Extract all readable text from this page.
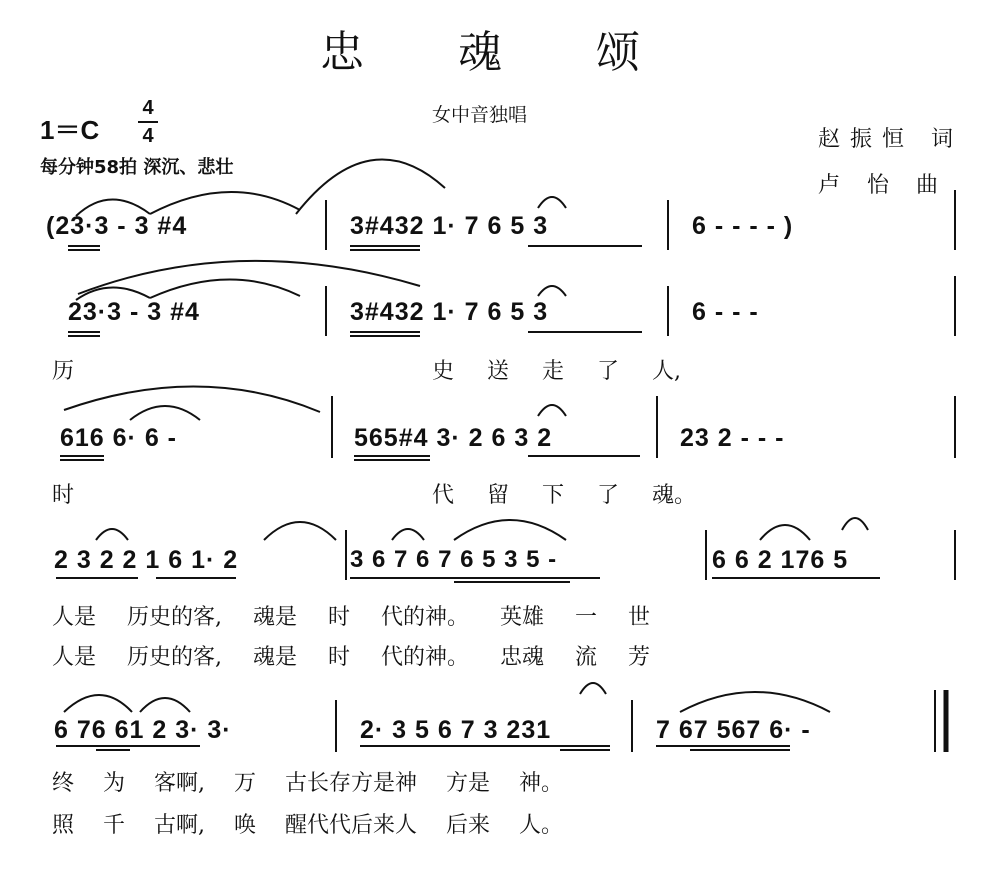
忠 魂 颂
1＝C
4
4
女中音独唱
赵振恒 词
卢 怡 曲
每分钟58拍 深沉、悲壮
(23·3 - 3 #4	3#432 1· 7 6 5 3	6 - - - - )
23·3 - 3 #4	3#432 1· 7 6 5 3	6 - - -
历	史 送 走 了 人,
616 6· 6 -	565#4 3· 2 6 3 2	23 2 - - -
时	代 留 下 了 魂。
2 3 2 2 1 6 1· 2	3 6 7 6 7 6 5 3 5 -	6 6 2 176 5
人是 历史的客, 魂是 时 代的神。 英雄 一 世
人是 历史的客, 魂是 时 代的神。 忠魂 流 芳
6 76 61 2 3· 3·	2· 3 5 6 7 3 231	7 67 567 6· -
终 为 客啊, 万 古长存方是神 方是 神。
照 千 古啊, 唤 醒代代后来人 后来 人。
